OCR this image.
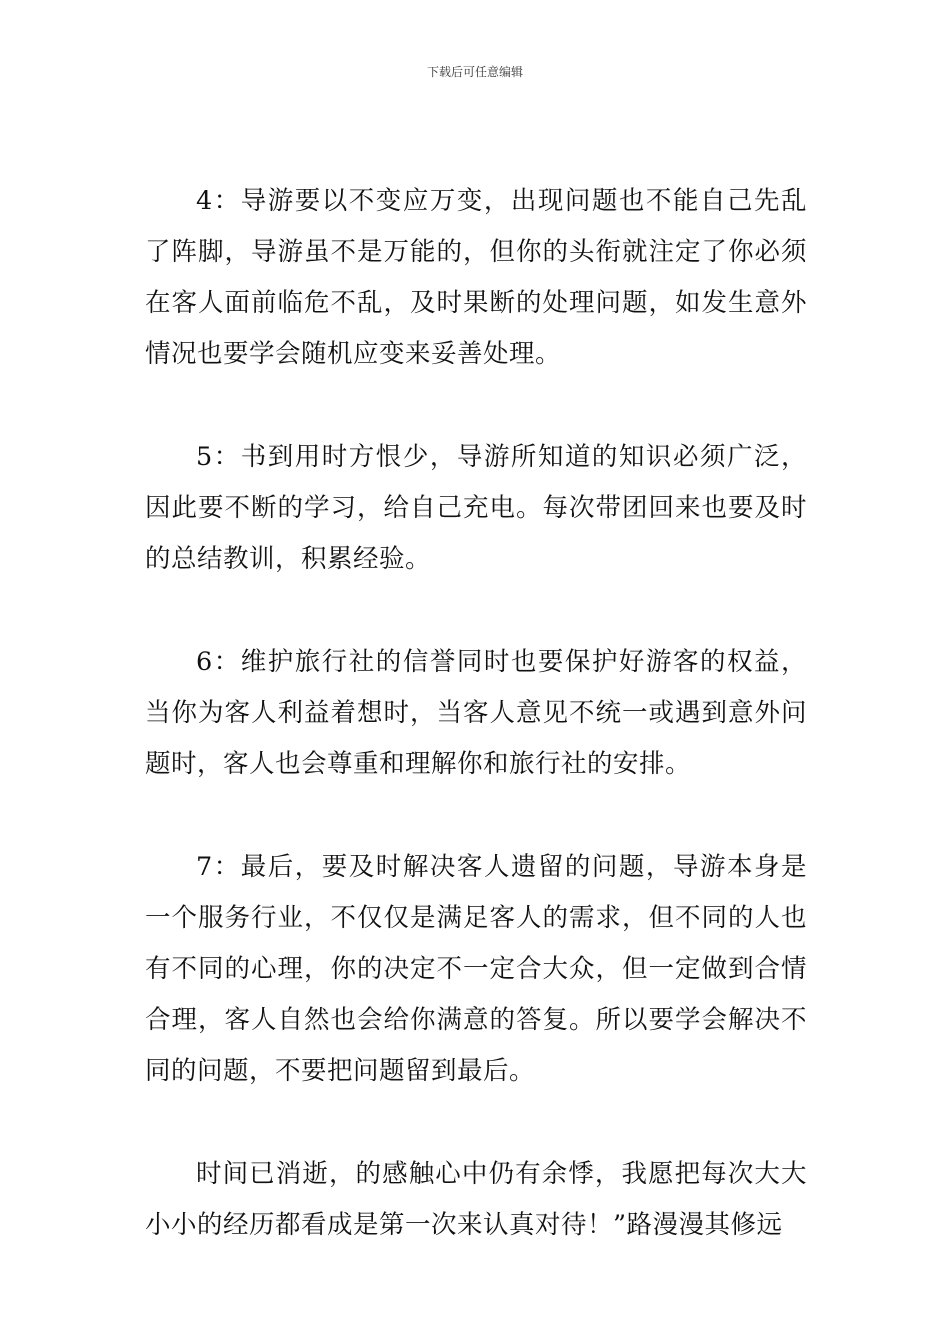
下载后可任意编辑

4：导游要以不变应万变，出现问题也不能自己先乱了阵脚，导游虽不是万能的，但你的头衔就注定了你必须在客人面前临危不乱，及时果断的处理问题，如发生意外情况也要学会随机应变来妥善处理。

5：书到用时方恨少，导游所知道的知识必须广泛，因此要不断的学习，给自己充电。每次带团回来也要及时的总结教训，积累经验。

6：维护旅行社的信誉同时也要保护好游客的权益，当你为客人利益着想时，当客人意见不统一或遇到意外问题时，客人也会尊重和理解你和旅行社的安排。

7：最后，要及时解决客人遗留的问题，导游本身是一个服务行业，不仅仅是满足客人的需求，但不同的人也有不同的心理，你的决定不一定合大众，但一定做到合情合理，客人自然也会给你满意的答复。所以要学会解决不同的问题，不要把问题留到最后。

时间已消逝，的感触心中仍有余悸，我愿把每次大大小小的经历都看成是第一次来认真对待！”路漫漫其修远
